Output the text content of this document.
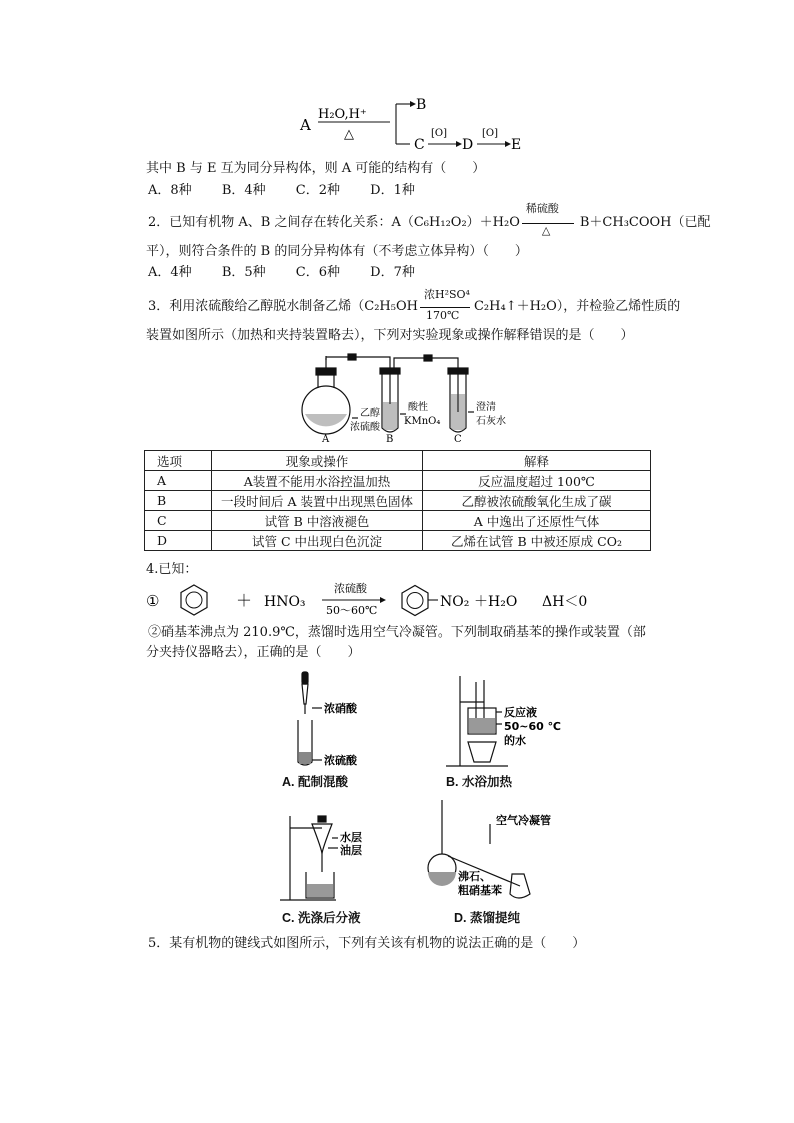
A
H₂O,H⁺
△
B
C
[O]
D
[O]
E
其中 B 与 E 互为同分异构体，则 A 可能的结构有（　　）
A．8种 B．4种 C．2种 D．1种
2．已知有机物 A、B 之间存在转化关系：A（C₆H₁₂O₂）＋H₂O
稀硫酸
△
B＋CH₃COOH（已配
平），则符合条件的 B 的同分异构体有（不考虑立体异构）（　　）
A．4种 B．5种 C．6种 D．7种
3．利用浓硫酸给乙醇脱水制备乙烯（C₂H₅OH
浓H²SO⁴
170℃
C₂H₄↑＋H₂O），并检验乙烯性质的
装置如图所示（加热和夹持装置略去），下列对实验现象或操作解释错误的是（　　）
乙醇
浓硫酸
酸性
KMnO₄
澄清
石灰水
A	B	C
选项	现象或操作	解释
A	A装置不能用水浴控温加热	反应温度超过 100℃
B	一段时间后 A 装置中出现黑色固体	乙醇被浓硫酸氧化生成了碳
C	试管 B 中溶液褪色	A 中逸出了还原性气体
D	试管 C 中出现白色沉淀	乙烯在试管 B 中被还原成 CO₂
4.已知：
①	＋ HNO₃
浓硫酸
50～60℃
NO₂ ＋H₂O ΔH＜0
②硝基苯沸点为 210.9℃，蒸馏时选用空气冷凝管。下列制取硝基苯的操作或装置（部
分夹持仪器略去），正确的是（　　）
浓硝酸
浓硫酸
A. 配制混酸
反应液
50~60 ℃
的水
B. 水浴加热
水层
油层
C. 洗涤后分液
空气冷凝管
沸石、
粗硝基苯
D. 蒸馏提纯
5．某有机物的键线式如图所示，下列有关该有机物的说法正确的是（　　）
